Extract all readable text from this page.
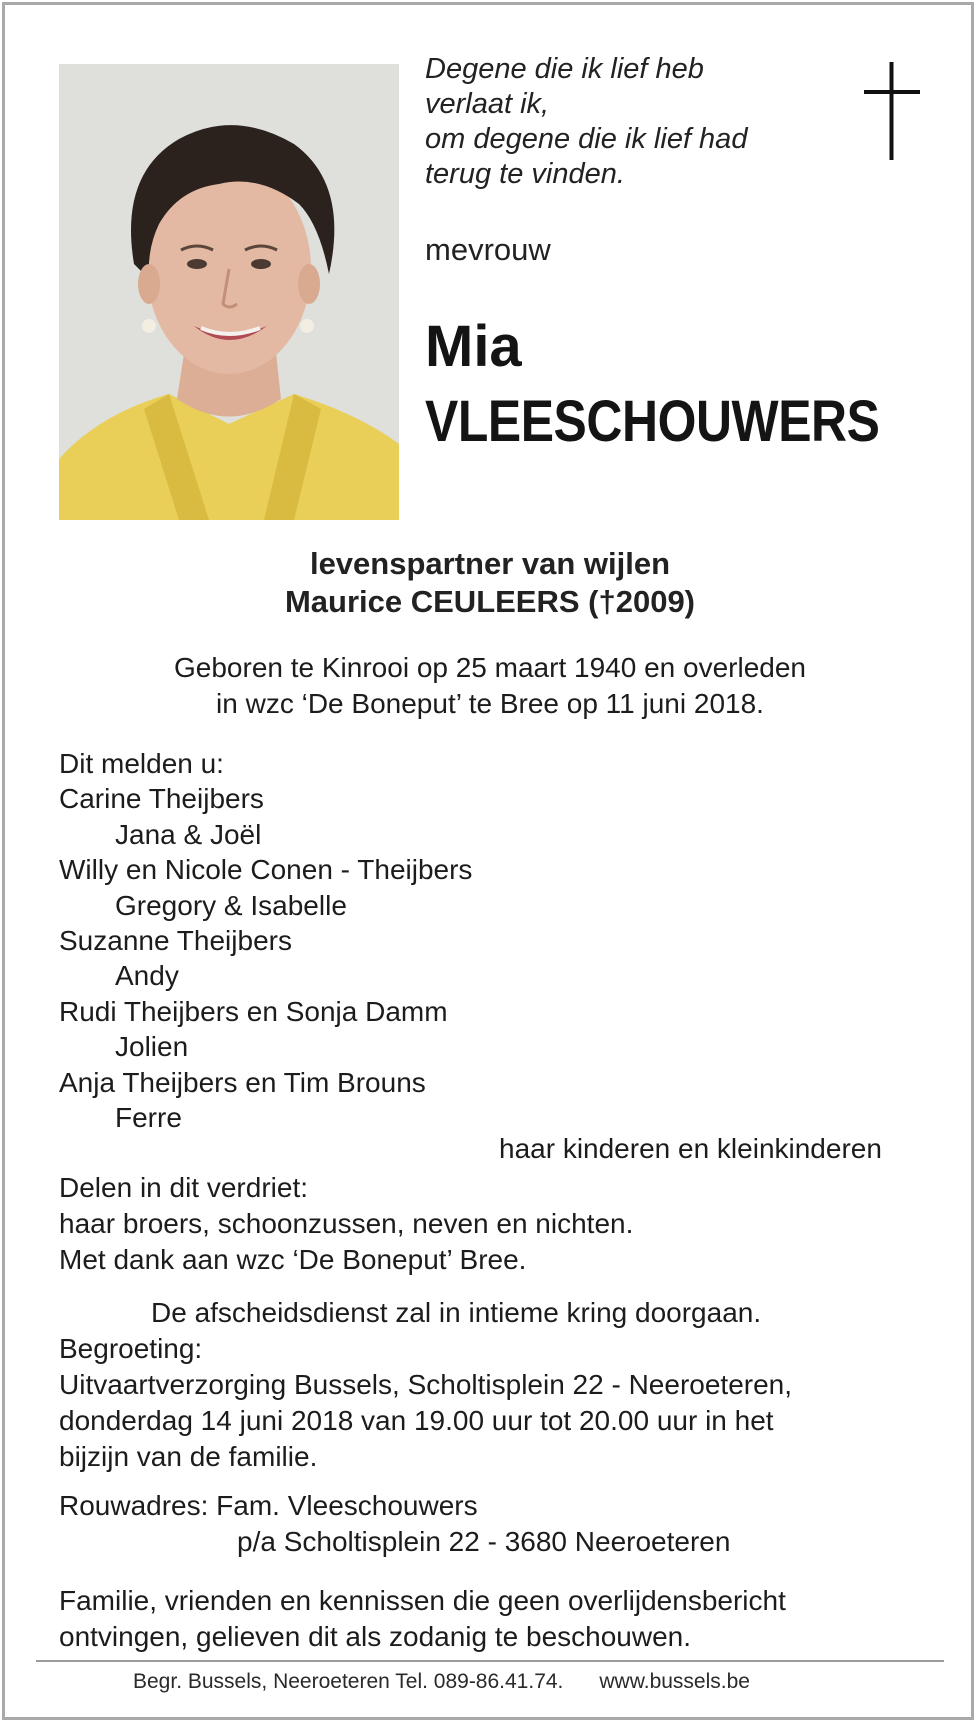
Degene die ik lief heb
verlaat ik,
om degene die ik lief had
terug te vinden.
mevrouw
Mia
VLEESCHOUWERS
levenspartner van wijlen
Maurice CEULEERS (†2009)
Geboren te Kinrooi op 25 maart 1940 en overleden
in wzc ‘De Boneput’ te Bree op 11 juni 2018.
Dit melden u:
Carine Theijbers
Jana & Joël
Willy en Nicole Conen - Theijbers
Gregory & Isabelle
Suzanne Theijbers
Andy
Rudi Theijbers en Sonja Damm
Jolien
Anja Theijbers en Tim Brouns
Ferre
haar kinderen en kleinkinderen
Delen in dit verdriet:
haar broers, schoonzussen, neven en nichten.
Met dank aan wzc ‘De Boneput’ Bree.
De afscheidsdienst zal in intieme kring doorgaan.
Begroeting:
Uitvaartverzorging Bussels, Scholtisplein 22 - Neeroeteren,
donderdag 14 juni 2018 van 19.00 uur tot 20.00 uur in het
bijzijn van de familie.
Rouwadres: Fam. Vleeschouwers
p/a Scholtisplein 22 - 3680 Neeroeteren
Familie, vrienden en kennissen die geen overlijdensbericht
ontvingen, gelieven dit als zodanig te beschouwen.
Begr. Bussels, Neeroeteren Tel. 089-86.41.74. www.bussels.be
